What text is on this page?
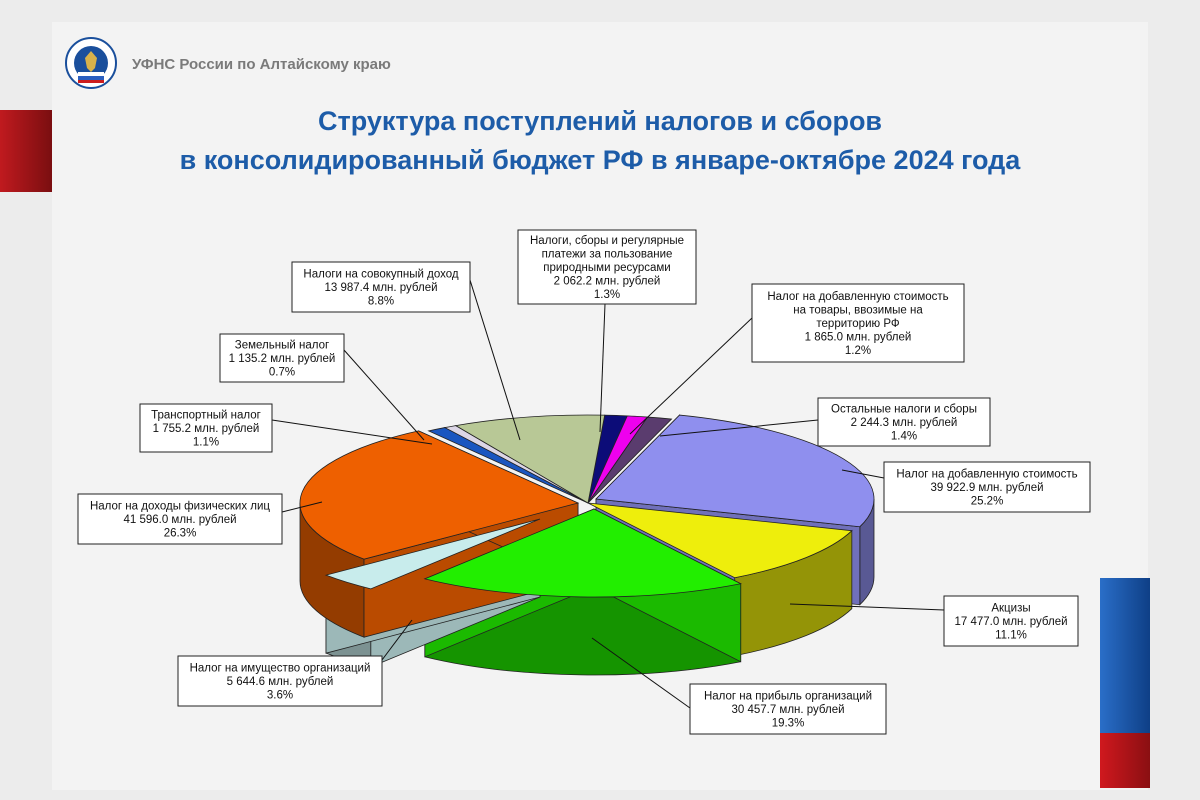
УФНС России по Алтайскому краю
Структура поступлений налогов и сборов
в консолидированный бюджет РФ в январе-октябре 2024 года
Налоги, сборы и регулярные
платежи за пользование
природными ресурсами
2 062.2 млн. рублей
1.3%	Налог на добавленную стоимость
на товары, ввозимые на
территорию РФ
1 865.0 млн. рублей
1.2%
Остальные налоги и сборы
2 244.3 млн. рублей
1.4%
Налог на добавленную стоимость
39 922.9 млн. рублей
25.2%
Акцизы
17 477.0 млн. рублей
11.1%
Налог на прибыль организаций
30 457.7 млн. рублей
19.3%
Налог на имущество организаций
5 644.6 млн. рублей
3.6%
Налог на доходы физических лиц
41 596.0 млн. рублей
26.3%
Транспортный налог
1 755.2 млн. рублей
1.1%
Земельный налог
1 135.2 млн. рублей
0.7%
Налоги на совокупный доход
13 987.4 млн. рублей
8.8%
